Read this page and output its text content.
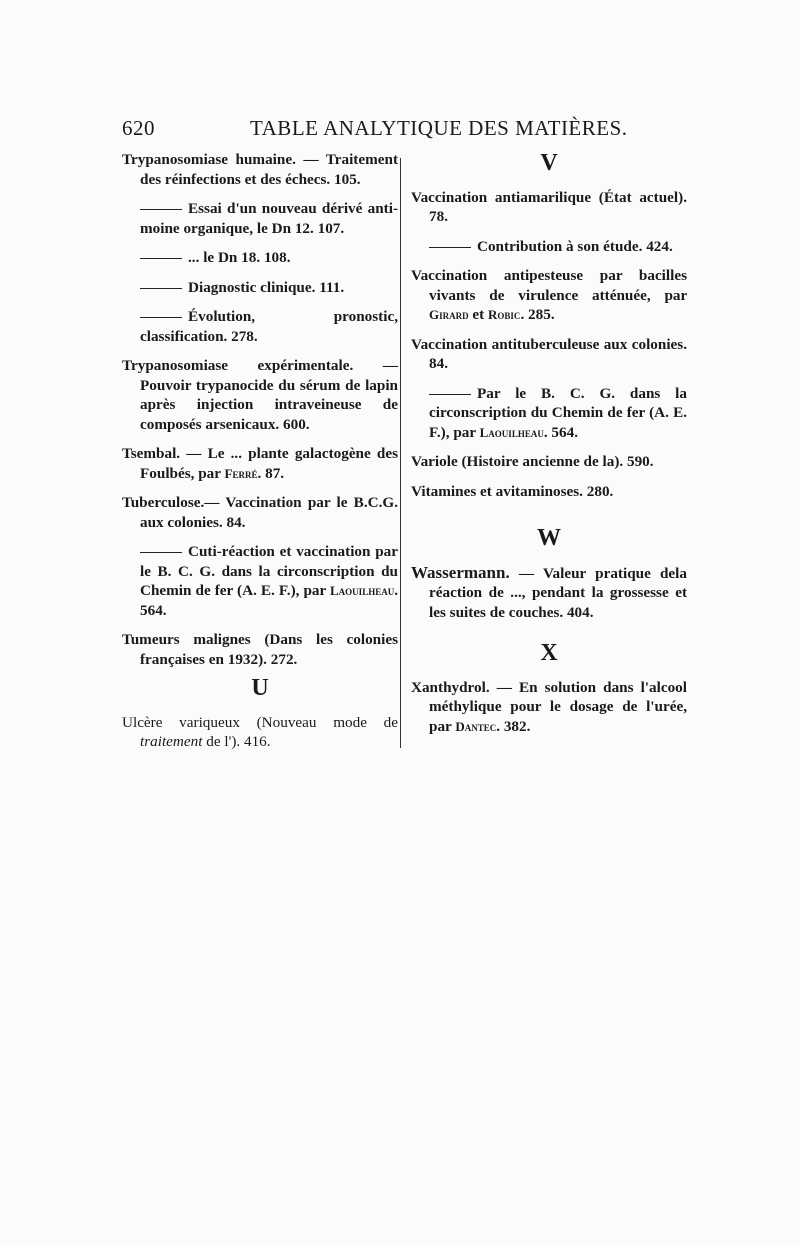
620	TABLE ANALYTIQUE DES MATIÈRES.
Trypanosomiase humaine. — Traitement des réinfections et des échecs. 105.
Essai d'un nouveau dérivé anti-moine organique, le Dn 12. 107.
... le Dn 18. 108.
Diagnostic clinique. 111.
Évolution, pronostic, classification. 278.
Trypanosomiase expérimentale. — Pouvoir trypanocide du sérum de lapin après injection intraveineuse de composés arsenicaux. 600.
Tsembal. — Le ... plante galactogène des Foulbés, par Ferré. 87.
Tuberculose.— Vaccination par le B.C.G. aux colonies. 84.
Cuti-réaction et vaccination par le B. C. G. dans la circonscription du Chemin de fer (A. E. F.), par Laouilheau. 564.
Tumeurs malignes (Dans les colonies françaises en 1932). 272.
U
Ulcère variqueux (Nouveau mode de traitement de l'). 416.
V
Vaccination antiamarilique (État actuel). 78.
Contribution à son étude. 424.
Vaccination antipesteuse par bacilles vivants de virulence atténuée, par Girard et Robic. 285.
Vaccination antituberculeuse aux colonies. 84.
Par le B. C. G. dans la circonscription du Chemin de fer (A. E. F.), par Laouilheau. 564.
Variole (Histoire ancienne de la). 590.
Vitamines et avitaminoses. 280.
W
Wassermann. — Valeur pratique dela réaction de ..., pendant la grossesse et les suites de couches. 404.
X
Xanthydrol. — En solution dans l'alcool méthylique pour le dosage de l'urée, par Dantec. 382.
